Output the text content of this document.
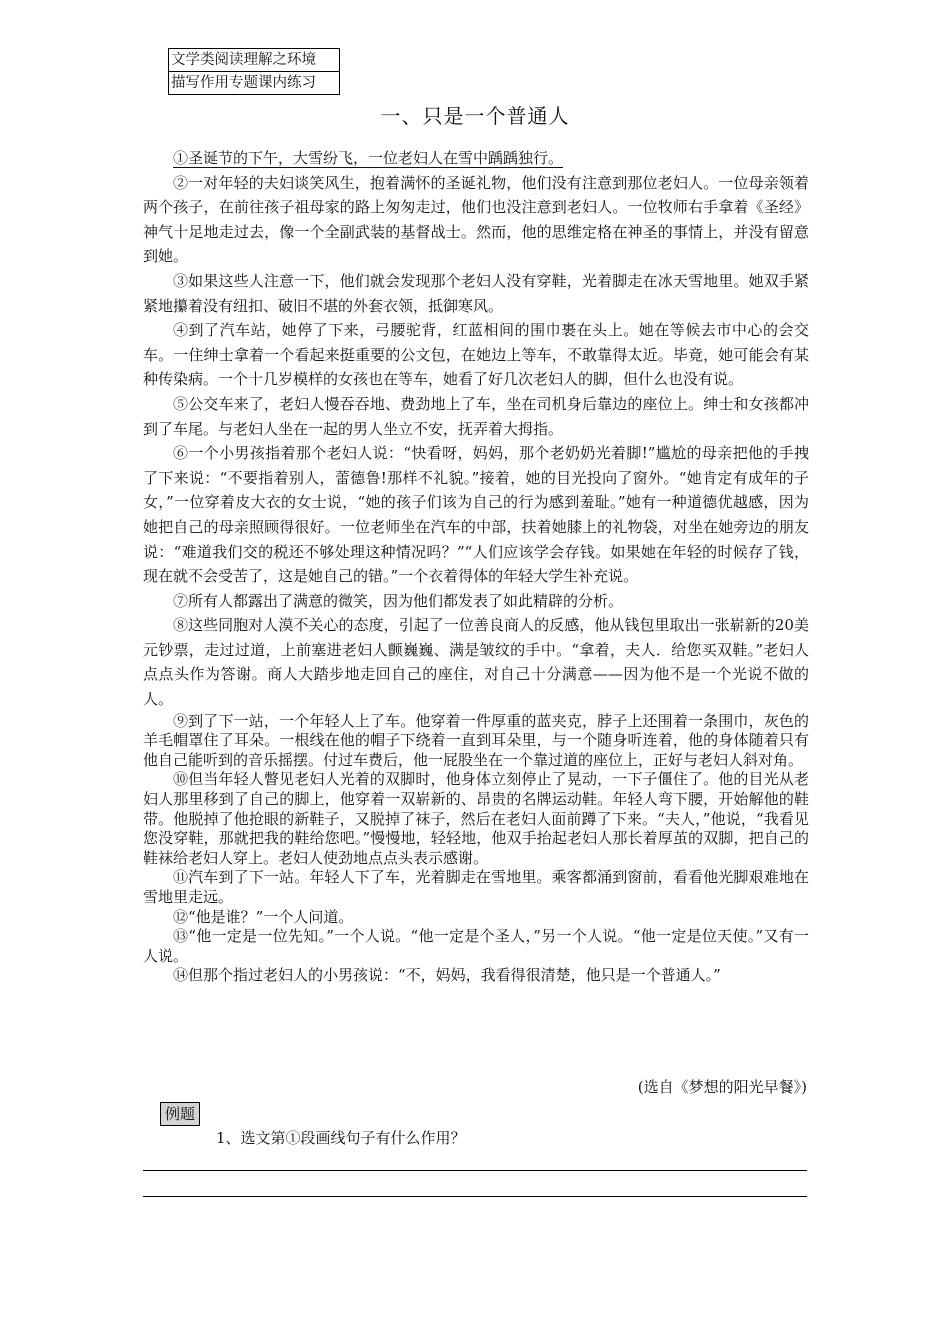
文学类阅读理解之环境
描写作用专题课内练习
一、只是一个普通人

①圣诞节的下午，大雪纷飞，一位老妇人在雪中踽踽独行。

②一对年轻的夫妇谈笑风生，抱着满怀的圣诞礼物，他们没有注意到那位老妇人。一位母亲领着两个孩子，在前往孩子祖母家的路上匆匆走过，他们也没注意到老妇人。一位牧师右手拿着《圣经》神气十足地走过去，像一个全副武装的基督战士。然而，他的思维定格在神圣的事情上，并没有留意到她。

③如果这些人注意一下，他们就会发现那个老妇人没有穿鞋，光着脚走在冰天雪地里。她双手紧紧地攥着没有纽扣、破旧不堪的外套衣领，抵御寒风。

④到了汽车站，她停了下来，弓腰驼背，红蓝相间的围巾裹在头上。她在等候去市中心的会交车。一住绅士拿着一个看起来挺重要的公文包，在她边上等车，不敢靠得太近。毕竟，她可能会有某种传染病。一个十几岁模样的女孩也在等车，她看了好几次老妇人的脚，但什么也没有说。

⑤公交车来了，老妇人慢吞吞地、费劲地上了车，坐在司机身后靠边的座位上。绅士和女孩都冲到了车尾。与老妇人坐在一起的男人坐立不安，抚弄着大拇指。

⑥一个小男孩指着那个老妇人说：“快看呀，妈妈，那个老奶奶光着脚!”尴尬的母亲把他的手拽了下来说：“不要指着别人，蕾德鲁!那样不礼貌。”接着，她的目光投向了窗外。“她肯定有成年的子女，”一位穿着皮大衣的女士说，“她的孩子们该为自己的行为感到羞耻。”她有一种道德优越感，因为她把自己的母亲照顾得很好。一位老师坐在汽车的中部，扶着她膝上的礼物袋，对坐在她旁边的朋友说：“难道我们交的税还不够处理这种情况吗？”“人们应该学会存钱。如果她在年轻的时候存了钱，现在就不会受苦了，这是她自己的错。”一个衣着得体的年轻大学生补充说。

⑦所有人都露出了满意的微笑，因为他们都发表了如此精辟的分析。

⑧这些同胞对人漠不关心的态度，引起了一位善良商人的反感，他从钱包里取出一张崭新的20美元钞票，走过过道，上前塞进老妇人颤巍巍、满是皱纹的手中。“拿着，夫人．给您买双鞋。”老妇人点点头作为答谢。商人大踏步地走回自己的座住，对自己十分满意——因为他不是一个光说不做的人。

⑨到了下一站，一个年轻人上了车。他穿着一件厚重的蓝夹克，脖子上还围着一条围巾，灰色的羊毛帽罩住了耳朵。一根线在他的帽子下绕着一直到耳朵里，与一个随身听连着，他的身体随着只有他自己能听到的音乐摇摆。付过车费后，他一屁股坐在一个靠过道的座位上，正好与老妇人斜对角。

⑩但当年轻人瞥见老妇人光着的双脚时，他身体立刻停止了晃动，一下子僵住了。他的目光从老妇人那里移到了自己的脚上，他穿着一双崭新的、昂贵的名牌运动鞋。年轻人弯下腰，开始解他的鞋带。他脱掉了他抢眼的新鞋子，又脱掉了袜子，然后在老妇人面前蹲了下来。“夫人，”他说，“我看见您没穿鞋，那就把我的鞋给您吧。”慢慢地，轻轻地，他双手抬起老妇人那长着厚茧的双脚，把自己的鞋袜给老妇人穿上。老妇人使劲地点点头表示感谢。

⑪汽车到了下一站。年轻人下了车，光着脚走在雪地里。乘客都涌到窗前，看看他光脚艰难地在雪地里走远。

⑫“他是谁？”一个人问道。

⑬“他一定是一位先知。”一个人说。“他一定是个圣人，”另一个人说。“他一定是位天使。”又有一人说。

⑭但那个指过老妇人的小男孩说：“不，妈妈，我看得很清楚，他只是一个普通人。”

(选自《梦想的阳光早餐》)
例题
1、选文第①段画线句子有什么作用？
